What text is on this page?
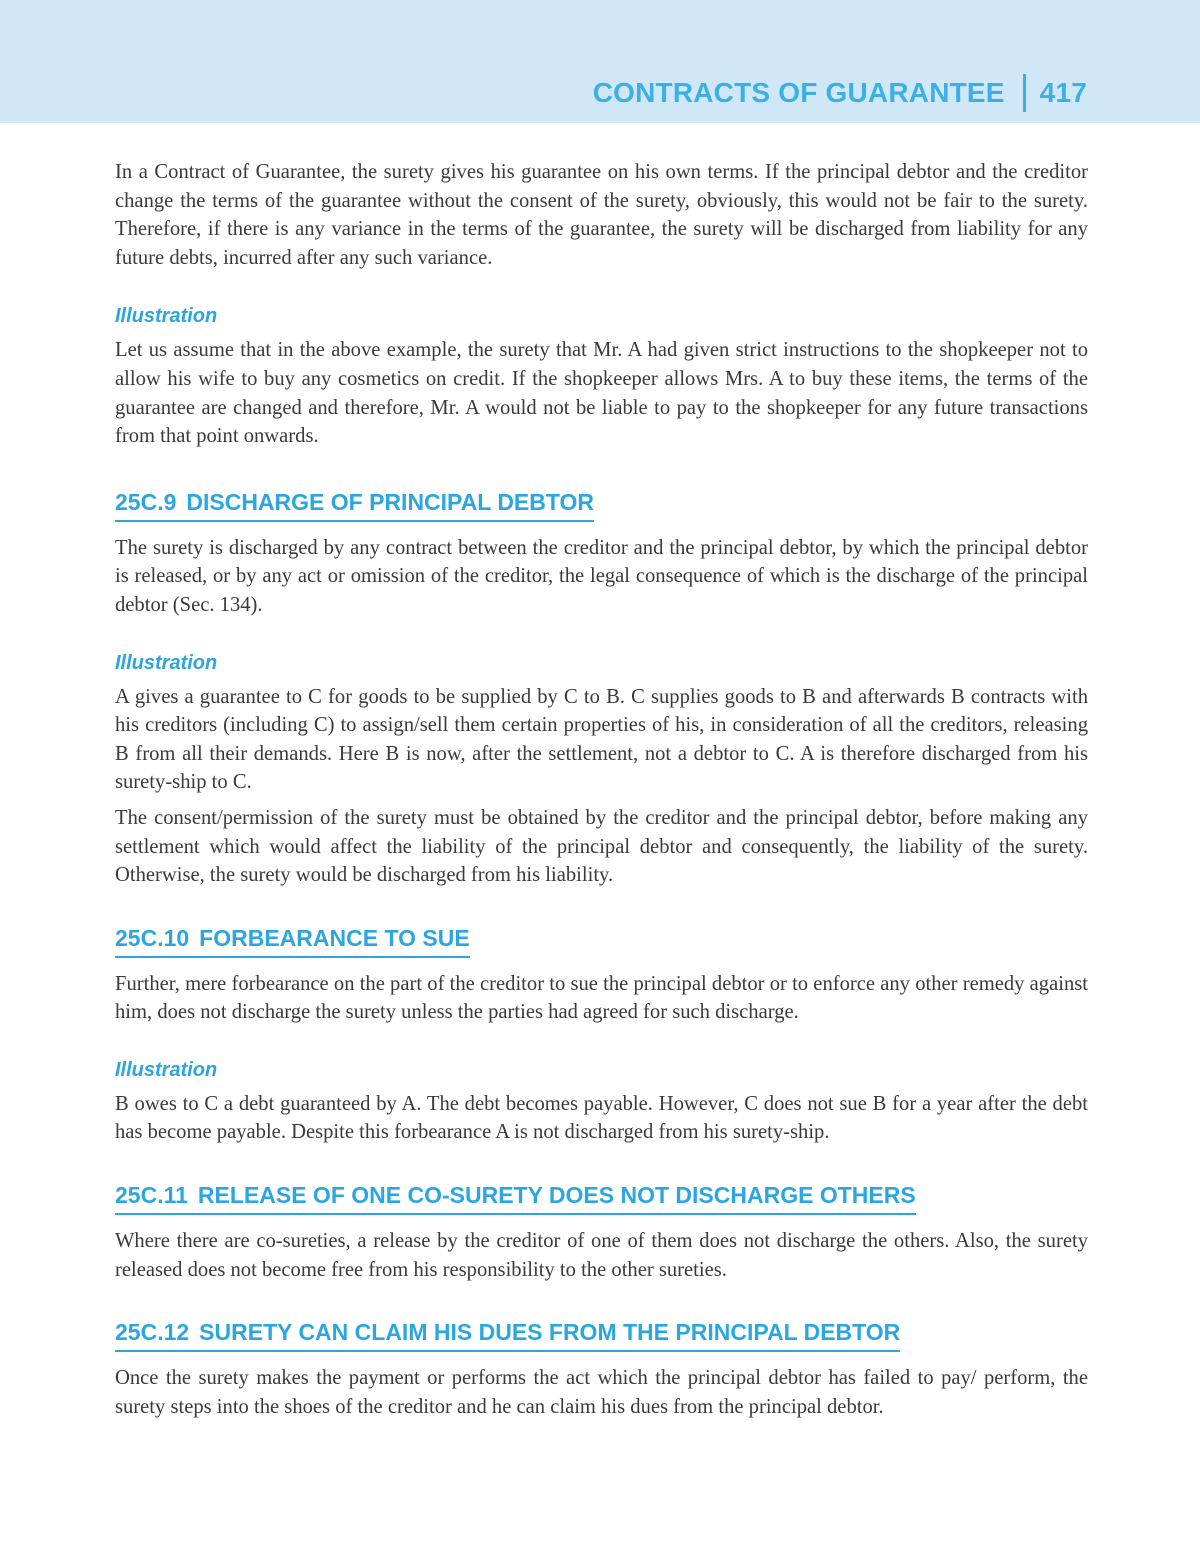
CONTRACTS OF GUARANTEE 417

In a Contract of Guarantee, the surety gives his guarantee on his own terms. If the principal debtor and the creditor change the terms of the guarantee without the consent of the surety, obviously, this would not be fair to the surety. Therefore, if there is any variance in the terms of the guarantee, the surety will be discharged from liability for any future debts, incurred after any such variance.

Illustration

Let us assume that in the above example, the surety that Mr. A had given strict instructions to the shopkeeper not to allow his wife to buy any cosmetics on credit. If the shopkeeper allows Mrs. A to buy these items, the terms of the guarantee are changed and therefore, Mr. A would not be liable to pay to the shopkeeper for any future transactions from that point onwards.

25C.9 DISCHARGE OF PRINCIPAL DEBTOR

The surety is discharged by any contract between the creditor and the principal debtor, by which the principal debtor is released, or by any act or omission of the creditor, the legal consequence of which is the discharge of the principal debtor (Sec. 134).

Illustration

A gives a guarantee to C for goods to be supplied by C to B. C supplies goods to B and afterwards B contracts with his creditors (including C) to assign/sell them certain properties of his, in consideration of all the creditors, releasing B from all their demands. Here B is now, after the settlement, not a debtor to C. A is therefore discharged from his surety-ship to C.

The consent/permission of the surety must be obtained by the creditor and the principal debtor, before making any settlement which would affect the liability of the principal debtor and consequently, the liability of the surety. Otherwise, the surety would be discharged from his liability.

25C.10 FORBEARANCE TO SUE

Further, mere forbearance on the part of the creditor to sue the principal debtor or to enforce any other remedy against him, does not discharge the surety unless the parties had agreed for such discharge.

Illustration

B owes to C a debt guaranteed by A. The debt becomes payable. However, C does not sue B for a year after the debt has become payable. Despite this forbearance A is not discharged from his surety-ship.

25C.11 RELEASE OF ONE CO-SURETY DOES NOT DISCHARGE OTHERS

Where there are co-sureties, a release by the creditor of one of them does not discharge the others. Also, the surety released does not become free from his responsibility to the other sureties.

25C.12 SURETY CAN CLAIM HIS DUES FROM THE PRINCIPAL DEBTOR

Once the surety makes the payment or performs the act which the principal debtor has failed to pay/ perform, the surety steps into the shoes of the creditor and he can claim his dues from the principal debtor.
